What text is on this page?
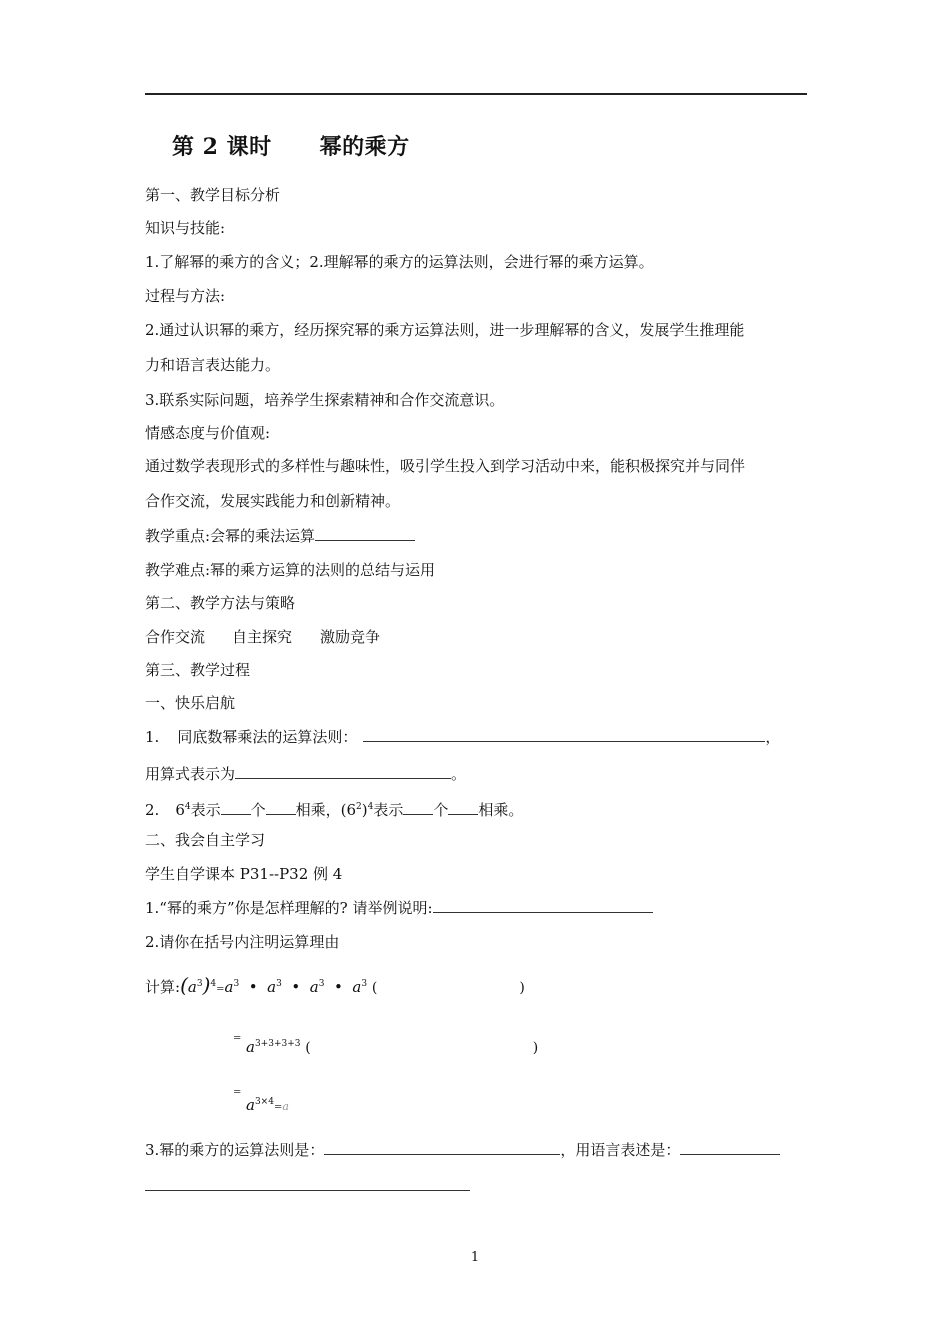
第 2 课时 幂的乘方
第一、教学目标分析
知识与技能:
1.了解幂的乘方的含义；2.理解幂的乘方的运算法则，会进行幂的乘方运算。
过程与方法:
2.通过认识幂的乘方，经历探究幂的乘方运算法则，进一步理解幂的含义，发展学生推理能
力和语言表达能力。
3.联系实际问题，培养学生探索精神和合作交流意识。
情感态度与价值观:
通过数学表现形式的多样性与趣味性，吸引学生投入到学习活动中来，能积极探究并与同伴
合作交流，发展实践能力和创新精神。
教学重点:会幂的乘法运算
教学难点:幂的乘方运算的法则的总结与运用
第二、教学方法与策略
合作交流 自主探究 激励竞争
第三、教学过程
一、快乐启航
1. 同底数幂乘法的运算法则：	，
用算式表示为	。
2. $6^4$表示 个 相乘，$(6^2)^4$表示 个 相乘。
二、我会自主学习
学生自学课本 P31--P32 例 4
1.“幂的乘方”你是怎样理解的? 请举例说明:
2.请你在括号内注明运算理由
计算$:(a^3)^4=a^3$ • $a^3$ • $a^3$ • $a^3$ (	)
= $a^{3+3+3+3}$ (	)
=
$a^{3\times 4}=a$
3.幂的乘方的运算法则是：	，用语言表述是：
1
